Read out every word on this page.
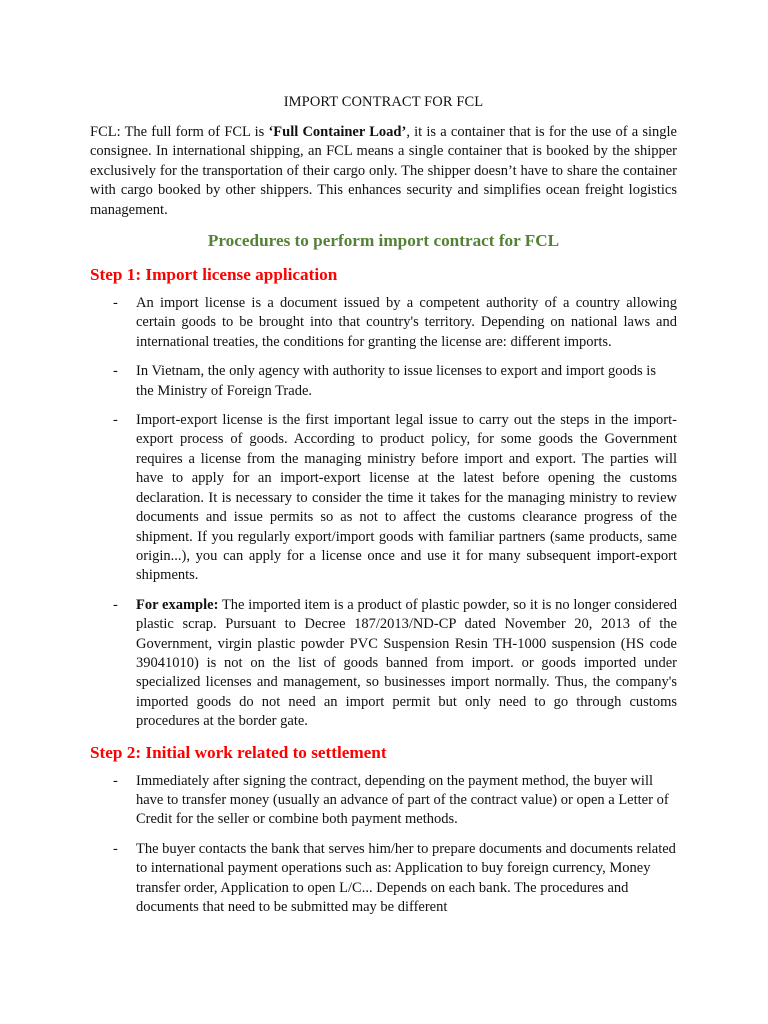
IMPORT CONTRACT FOR FCL

FCL: The full form of FCL is ‘Full Container Load’, it is a container that is for the use of a single consignee. In international shipping, an FCL means a single container that is booked by the shipper exclusively for the transportation of their cargo only. The shipper doesn’t have to share the container with cargo booked by other shippers. This enhances security and simplifies ocean freight logistics management.

Procedures to perform import contract for FCL
Step 1: Import license application
- An import license is a document issued by a competent authority of a country allowing certain goods to be brought into that country's territory. Depending on national laws and international treaties, the conditions for granting the license are: different imports.
- In Vietnam, the only agency with authority to issue licenses to export and import goods is the Ministry of Foreign Trade.
- Import-export license is the first important legal issue to carry out the steps in the import-export process of goods. According to product policy, for some goods the Government requires a license from the managing ministry before import and export. The parties will have to apply for an import-export license at the latest before opening the customs declaration. It is necessary to consider the time it takes for the managing ministry to review documents and issue permits so as not to affect the customs clearance progress of the shipment. If you regularly export/import goods with familiar partners (same products, same origin...), you can apply for a license once and use it for many subsequent import-export shipments.
- For example: The imported item is a product of plastic powder, so it is no longer considered plastic scrap. Pursuant to Decree 187/2013/ND-CP dated November 20, 2013 of the Government, virgin plastic powder PVC Suspension Resin TH-1000 suspension (HS code 39041010) is not on the list of goods banned from import. or goods imported under specialized licenses and management, so businesses import normally. Thus, the company's imported goods do not need an import permit but only need to go through customs procedures at the border gate.
Step 2: Initial work related to settlement
- Immediately after signing the contract, depending on the payment method, the buyer will have to transfer money (usually an advance of part of the contract value) or open a Letter of Credit for the seller or combine both payment methods.
- The buyer contacts the bank that serves him/her to prepare documents and documents related to international payment operations such as: Application to buy foreign currency, Money transfer order, Application to open L/C... Depends on each bank. The procedures and documents that need to be submitted may be different
